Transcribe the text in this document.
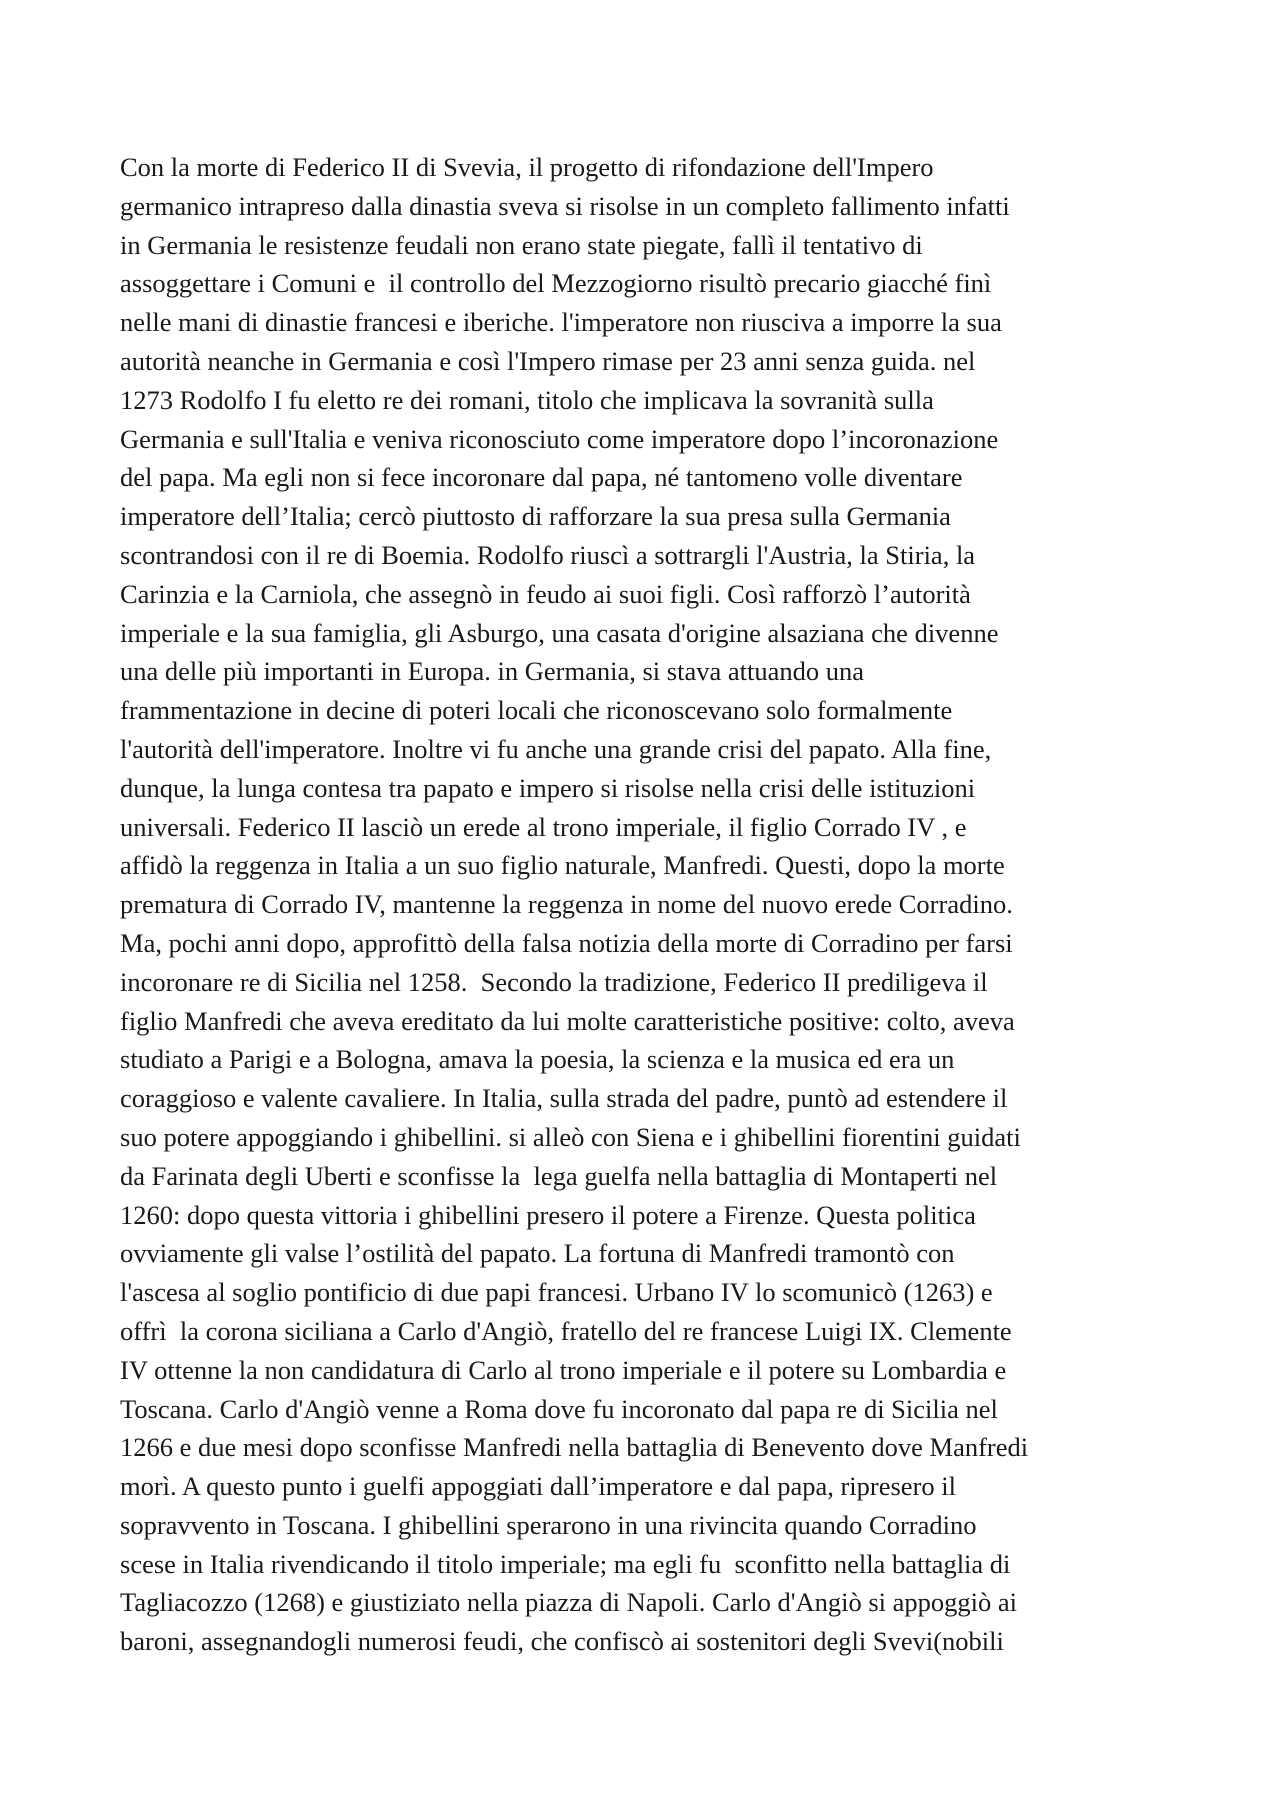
Con la morte di Federico II di Svevia, il progetto di rifondazione dell'Impero
germanico intrapreso dalla dinastia sveva si risolse in un completo fallimento infatti
in Germania le resistenze feudali non erano state piegate, fallì il tentativo di
assoggettare i Comuni e  il controllo del Mezzogiorno risultò precario giacché finì
nelle mani di dinastie francesi e iberiche. l'imperatore non riusciva a imporre la sua
autorità neanche in Germania e così l'Impero rimase per 23 anni senza guida. nel
1273 Rodolfo I fu eletto re dei romani, titolo che implicava la sovranità sulla
Germania e sull'Italia e veniva riconosciuto come imperatore dopo l’incoronazione
del papa. Ma egli non si fece incoronare dal papa, né tantomeno volle diventare
imperatore dell’Italia; cercò piuttosto di rafforzare la sua presa sulla Germania
scontrandosi con il re di Boemia. Rodolfo riuscì a sottrargli l'Austria, la Stiria, la
Carinzia e la Carniola, che assegnò in feudo ai suoi figli. Così rafforzò l’autorità
imperiale e la sua famiglia, gli Asburgo, una casata d'origine alsaziana che divenne
una delle più importanti in Europa. in Germania, si stava attuando una
frammentazione in decine di poteri locali che riconoscevano solo formalmente
l'autorità dell'imperatore. Inoltre vi fu anche una grande crisi del papato. Alla fine,
dunque, la lunga contesa tra papato e impero si risolse nella crisi delle istituzioni
universali. Federico II lasciò un erede al trono imperiale, il figlio Corrado IV , e
affidò la reggenza in Italia a un suo figlio naturale, Manfredi. Questi, dopo la morte
prematura di Corrado IV, mantenne la reggenza in nome del nuovo erede Corradino.
Ma, pochi anni dopo, approfittò della falsa notizia della morte di Corradino per farsi
incoronare re di Sicilia nel 1258.  Secondo la tradizione, Federico II prediligeva il
figlio Manfredi che aveva ereditato da lui molte caratteristiche positive: colto, aveva
studiato a Parigi e a Bologna, amava la poesia, la scienza e la musica ed era un
coraggioso e valente cavaliere. In Italia, sulla strada del padre, puntò ad estendere il
suo potere appoggiando i ghibellini. si alleò con Siena e i ghibellini fiorentini guidati
da Farinata degli Uberti e sconfisse la  lega guelfa nella battaglia di Montaperti nel
1260: dopo questa vittoria i ghibellini presero il potere a Firenze. Questa politica
ovviamente gli valse l’ostilità del papato. La fortuna di Manfredi tramontò con
l'ascesa al soglio pontificio di due papi francesi. Urbano IV lo scomunicò (1263) e
offrì  la corona siciliana a Carlo d'Angiò, fratello del re francese Luigi IX. Clemente
IV ottenne la non candidatura di Carlo al trono imperiale e il potere su Lombardia e
Toscana. Carlo d'Angiò venne a Roma dove fu incoronato dal papa re di Sicilia nel
1266 e due mesi dopo sconfisse Manfredi nella battaglia di Benevento dove Manfredi
morì. A questo punto i guelfi appoggiati dall’imperatore e dal papa, ripresero il
sopravvento in Toscana. I ghibellini sperarono in una rivincita quando Corradino
scese in Italia rivendicando il titolo imperiale; ma egli fu  sconfitto nella battaglia di
Tagliacozzo (1268) e giustiziato nella piazza di Napoli. Carlo d'Angiò si appoggiò ai
baroni, assegnandogli numerosi feudi, che confiscò ai sostenitori degli Svevi(nobili
